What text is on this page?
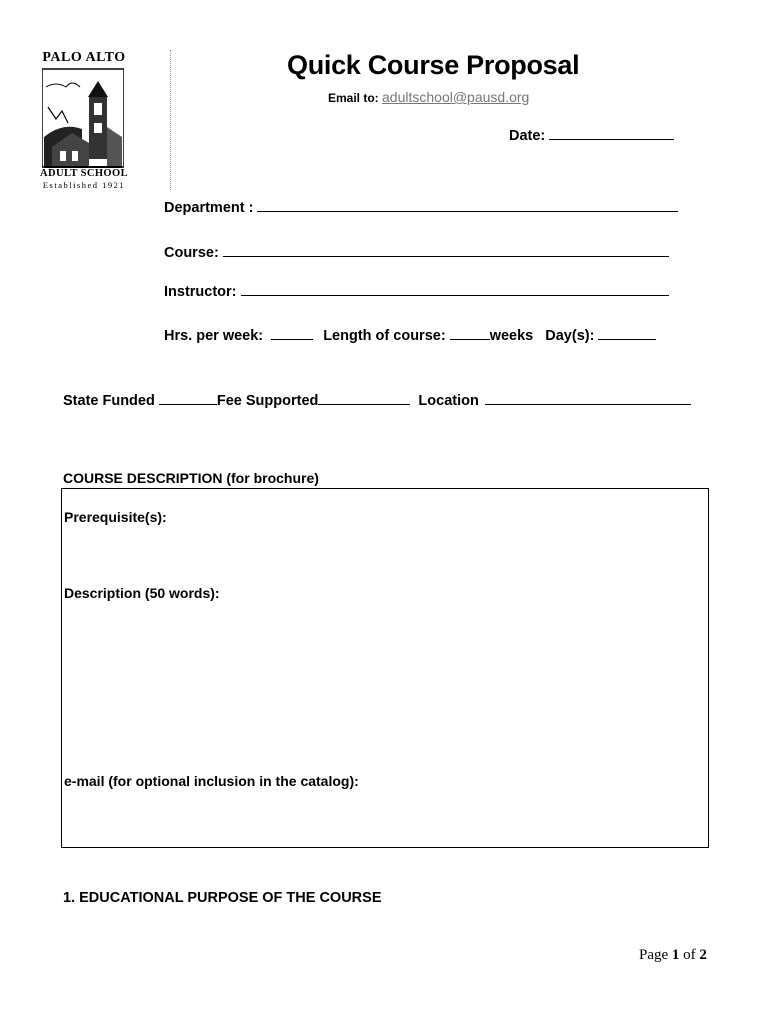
PALO ALTO
ADULT SCHOOL
Established 1921
Quick Course Proposal
Email to: adultschool@pausd.org
Date:
Department :
Course:
Instructor:
Hrs. per week:	Length of course:	weeks Day(s):
State Funded	Fee Supported	Location
COURSE DESCRIPTION (for brochure)
Prerequisite(s):
Description (50 words):
e-mail (for optional inclusion in the catalog):
1. EDUCATIONAL PURPOSE OF THE COURSE
Page 1 of 2
